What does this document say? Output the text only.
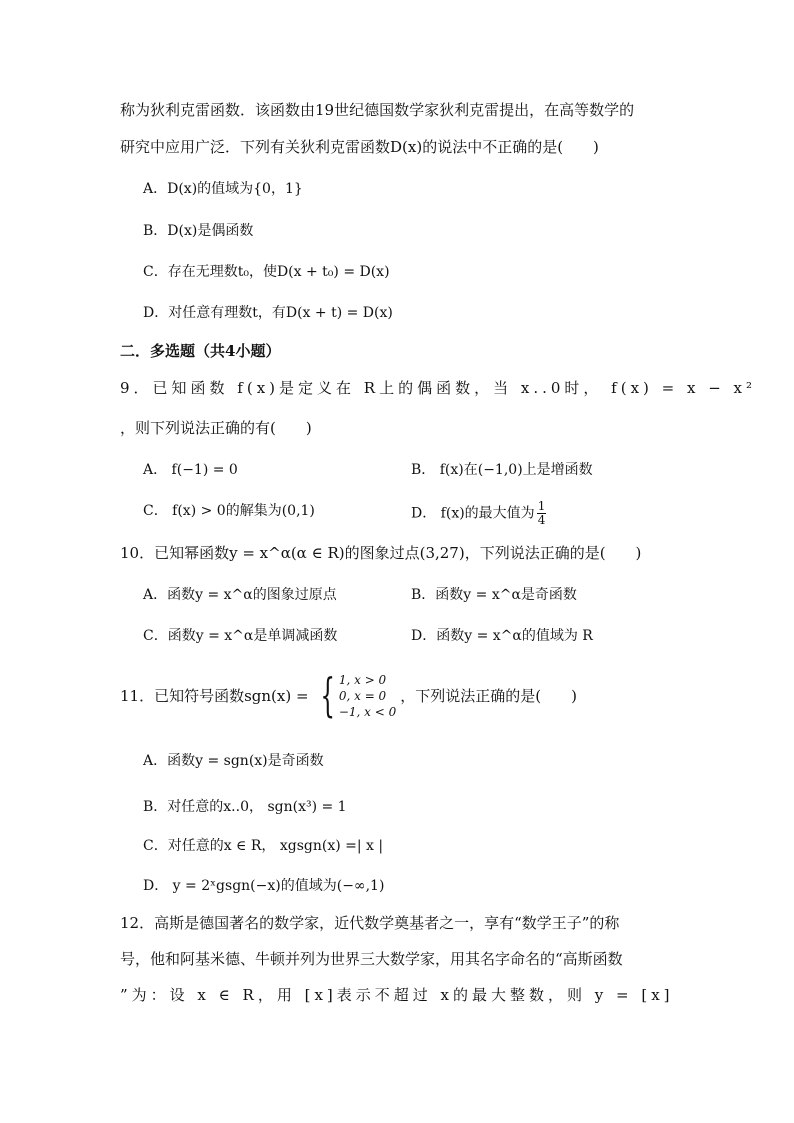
称为狄利克雷函数．该函数由19世纪德国数学家狄利克雷提出，在高等数学的
研究中应用广泛．下列有关狄利克雷函数D(x)的说法中不正确的是(　　)
A．D(x)的值域为{0，1}
B．D(x)是偶函数
C．存在无理数t₀，使D(x + t₀) = D(x)
D．对任意有理数t，有D(x + t) = D(x)
二．多选题（共4小题）
9．已知函数 f(x)是定义在 R上的偶函数，当 x..0时， f(x) = x − x²
，则下列说法正确的有(　　)
A． f(−1) = 0	B． f(x)在(−1,0)上是增函数
C． f(x) > 0的解集为(0,1)	D． f(x)的最大值为 $\frac{1}{4}$
10．已知幂函数y = x^α(α ∈ R)的图象过点(3,27)，下列说法正确的是(　　)
A．函数y = x^α的图象过原点	B．函数y = x^α是奇函数
C．函数y = x^α是单调减函数	D．函数y = x^α的值域为 R
11．已知符号函数sgn(x) = { 1, x > 0
0, x = 0
−1, x < 0
，下列说法正确的是(　　)
A．函数y = sgn(x)是奇函数
B．对任意的x..0， sgn(x³) = 1
C．对任意的x ∈ R， xgsgn(x) =| x |
D． y = 2ˣgsgn(−x)的值域为(−∞,1)
12．高斯是德国著名的数学家，近代数学奠基者之一，享有“数学王子”的称
号，他和阿基米德、牛顿并列为世界三大数学家，用其名字命名的“高斯函数
”为：设 x ∈ R，用 [x]表示不超过 x的最大整数，则 y = [x]
